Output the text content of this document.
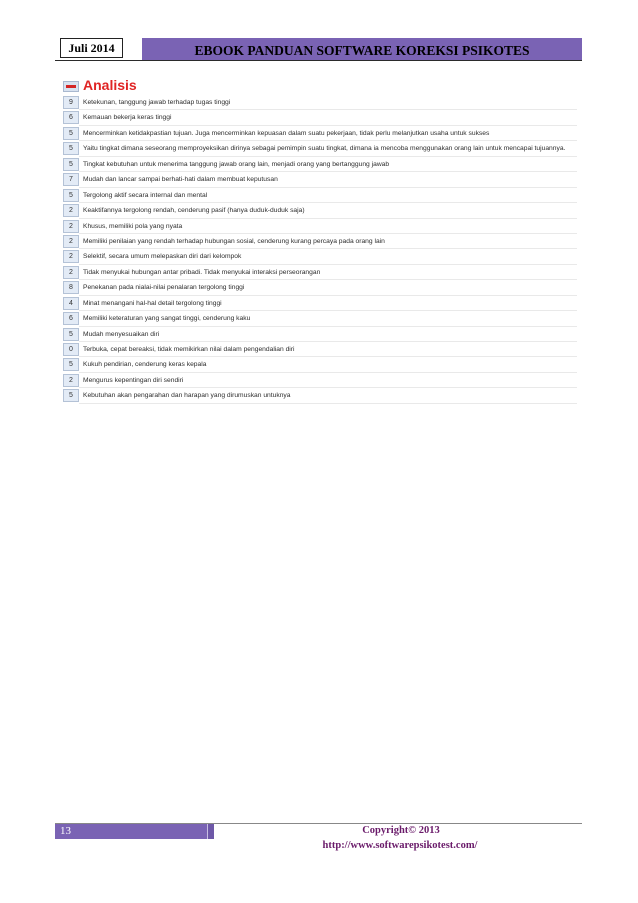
EBOOK PANDUAN SOFTWARE KOREKSI PSIKOTES
Juli 2014
Analisis
9	Ketekunan, tanggung jawab terhadap tugas tinggi
6	Kemauan bekerja keras tinggi
5	Mencerminkan ketidakpastian tujuan. Juga mencerminkan kepuasan dalam suatu pekerjaan, tidak perlu melanjutkan usaha untuk sukses
5	Yaitu tingkat dimana seseorang memproyeksikan dirinya sebagai pemimpin suatu tingkat, dimana ia mencoba menggunakan orang lain untuk mencapai tujuannya.
5	Tingkat kebutuhan untuk menerima tanggung jawab orang lain, menjadi orang yang bertanggung jawab
7	Mudah dan lancar sampai berhati-hati dalam membuat keputusan
5	Tergolong aktif secara internal dan mental
2	Keaktifannya tergolong rendah, cenderung pasif (hanya duduk-duduk saja)
2	Khusus, memiliki pola yang nyata
2	Memiliki penilaian yang rendah terhadap hubungan sosial, cenderung kurang percaya pada orang lain
2	Selektif, secara umum melepaskan diri dari kelompok
2	Tidak menyukai hubungan antar pribadi. Tidak menyukai interaksi perseorangan
8	Penekanan pada nialai-nilai penalaran tergolong tinggi
4	Minat menangani hal-hal detail tergolong tinggi
6	Memiliki keteraturan yang sangat tinggi, cenderung kaku
5	Mudah menyesuaikan diri
0	Terbuka, cepat bereaksi, tidak memikirkan nilai dalam pengendalian diri
5	Kukuh pendirian, cenderung keras kepala
2	Mengurus kepentingan diri sendiri
5	Kebutuhan akan pengarahan dan harapan yang dirumuskan untuknya
13	Copyright© 2013
http://www.softwarepsikotest.com/
